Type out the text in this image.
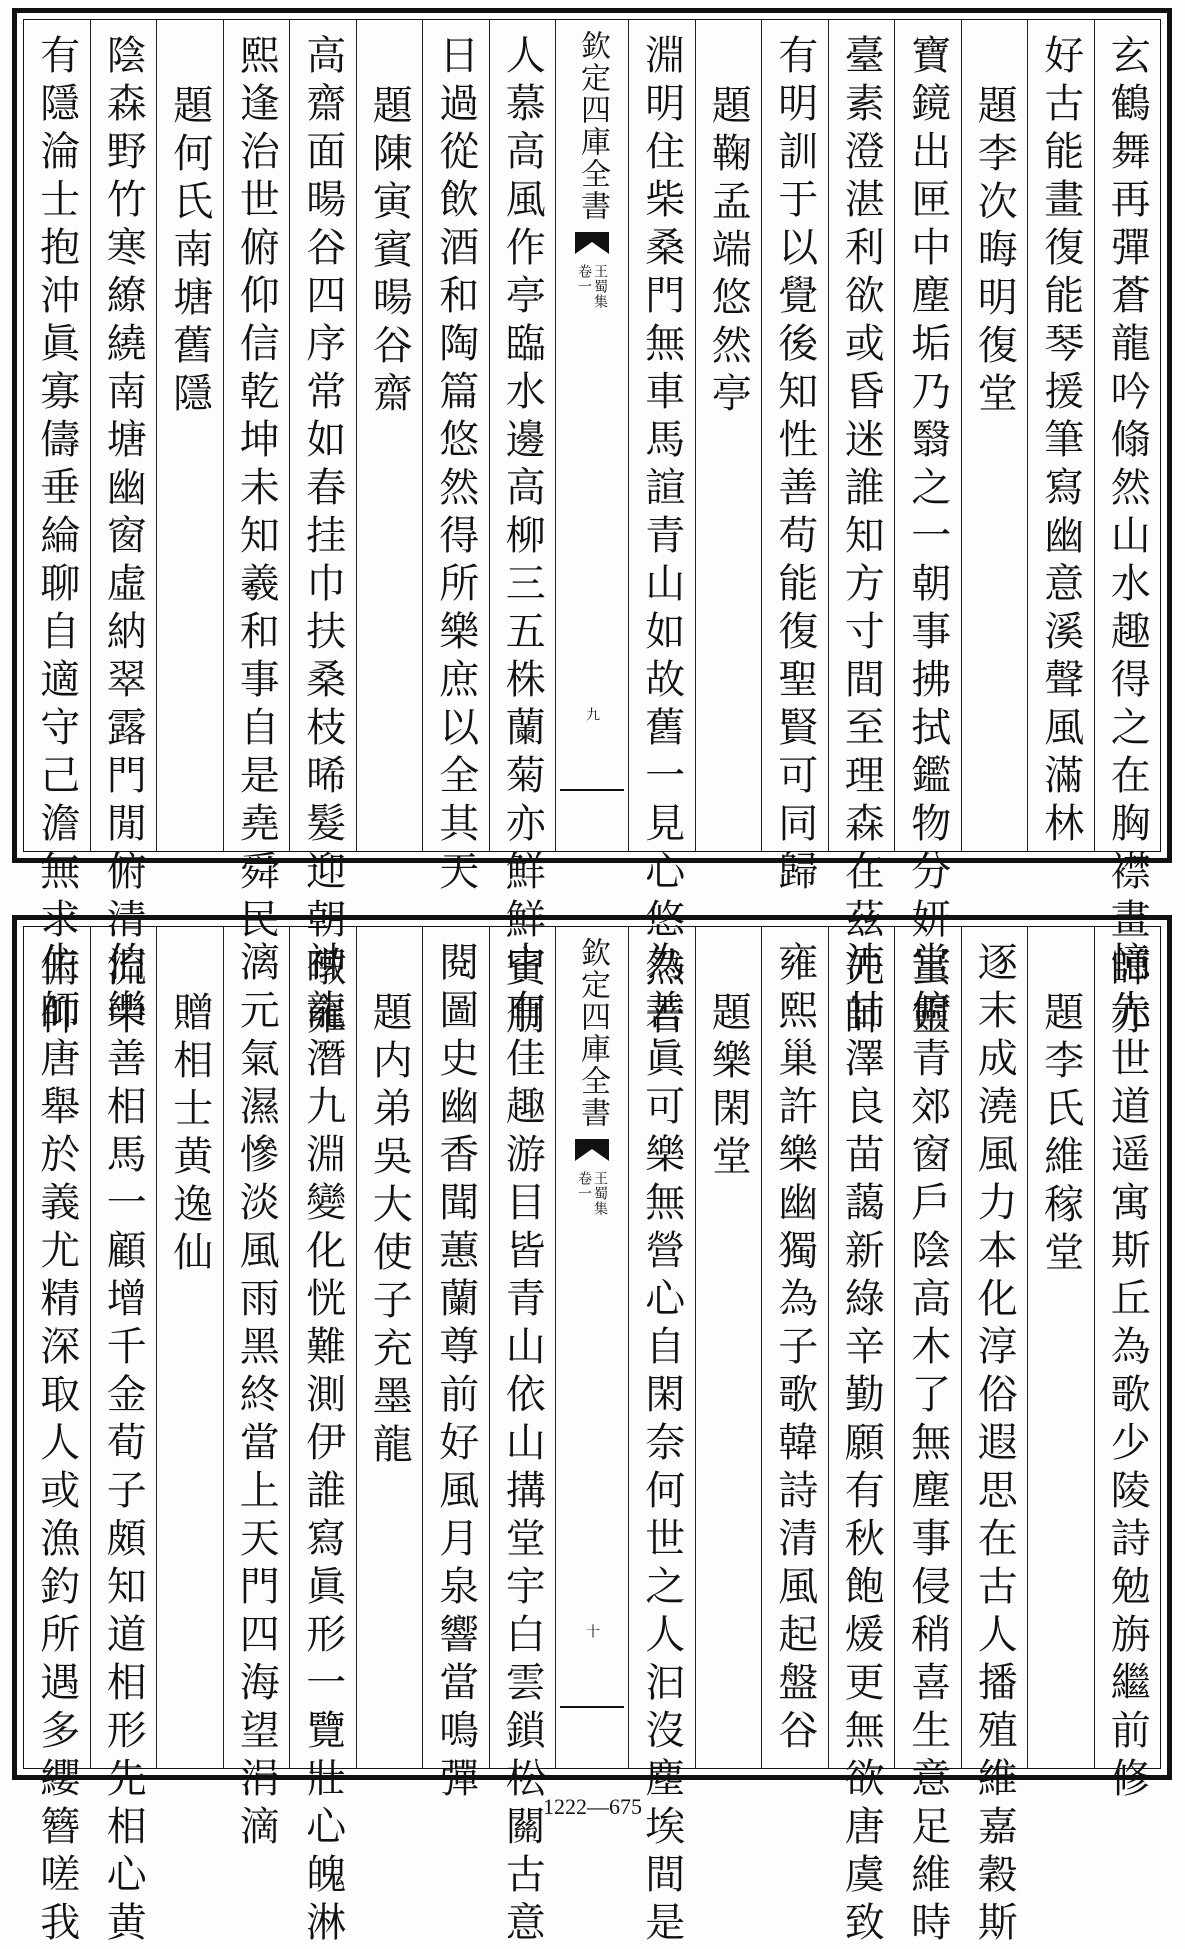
玄鶴舞再彈蒼龍吟翛然山水趣得之在胸襟畫師亦
好古能畫復能琴援筆寫幽意溪聲風滿林
題李次晦明復堂
寶鏡出匣中塵垢乃翳之一朝事拂拭鑑物分妍蚩靈
臺素澄湛利欲或昏迷誰知方寸間至理森在茲先師
有明訓于以覺後知性善苟能復聖賢可同歸
題鞠孟端悠然亭
淵明住柴桑門無車馬諠青山如故舊一見心悠然若
欽定四庫全書
王蜀集
卷一
九
人慕高風作亭臨水邊高柳三五株蘭菊亦鮮鮮賓朋
日過從飲酒和陶篇悠然得所樂庶以全其天
題陳寅賓暘谷齋
高齋面暘谷四序常如春挂巾扶桑枝晞髮迎朝暾雍
熙逢治世俯仰信乾坤未知羲和事自是堯舜民
題何氏南塘舊隱
陰森野竹寒繚繞南塘幽窗虛納翠露門閒俯清流中
有隱淪士抱沖眞寡儔垂綸聊自適守己澹無求俯仰
憶先世道遥寓斯丘為歌少陵詩勉旃繼前修
題李氏維稼堂
逐末成澆風力本化淳俗遐思在古人播殖維嘉穀斯
堂俯青郊窗戶陰高木了無塵事侵稍喜生意足維時
沛甘澤良苗藹新綠辛勤願有秋飽煖更無欲唐虞致
雍熙巢許樂幽獨為子歌韓詩清風起盤谷
題樂閑堂
為善眞可樂無營心自閑奈何世之人汩沒塵埃間是
欽定四庫全書
王蜀集
卷一
十
中有佳趣游目皆青山依山搆堂宇白雲鎖松關古意
閱圖史幽香聞蕙蘭尊前好風月泉響當鳴彈
題内弟吳大使子充墨龍
神龍潛九淵變化恍難測伊誰寫眞形一覽壯心魄淋
漓元氣濕慘淡風雨黑終當上天門四海望涓滴
贈相士黄逸仙
伯樂善相馬一顧增千金荀子頗知道相形先相心黄
生師唐舉於義尤精深取人或漁釣所遇多纓簪嗟我	1222—675
